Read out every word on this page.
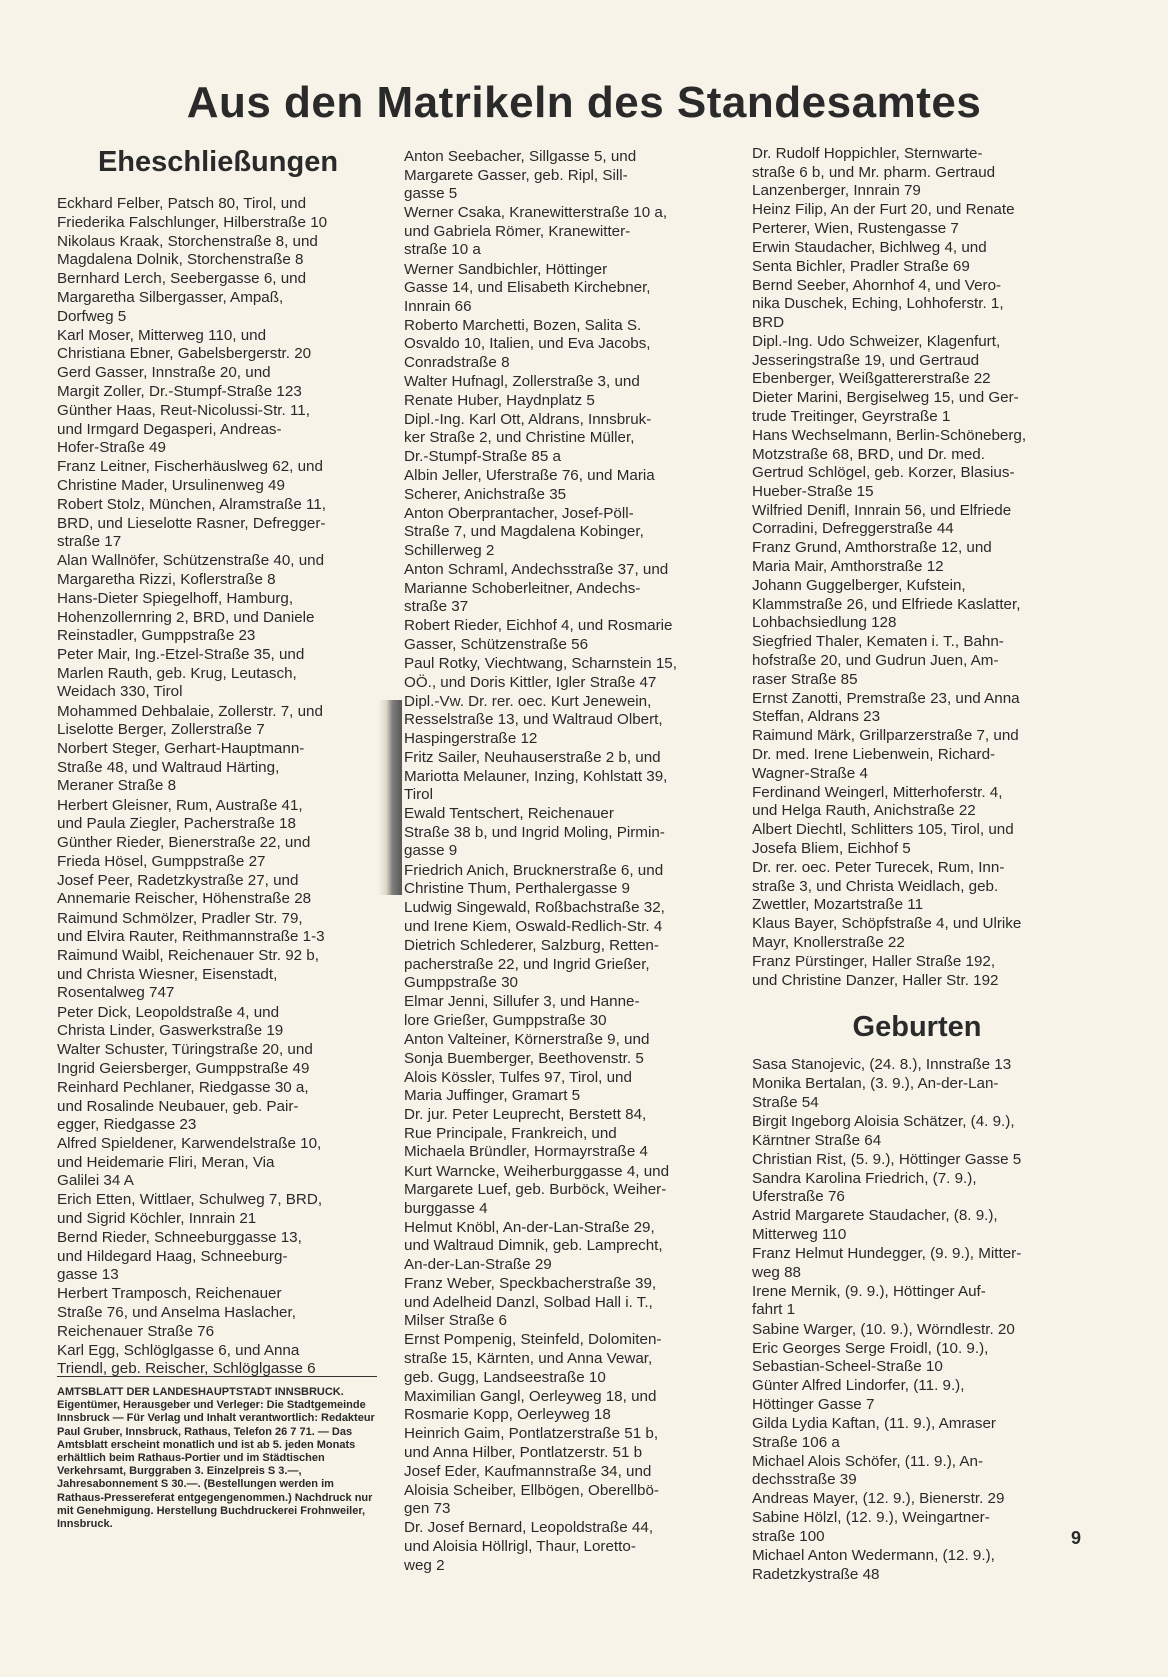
Aus den Matrikeln des Standesamtes
Eheschließungen
Eckhard Felber, Patsch 80, Tirol, und
Friederika Falschlunger, Hilberstraße 10
Nikolaus Kraak, Storchenstraße 8, und
Magdalena Dolnik, Storchenstraße 8
Bernhard Lerch, Seebergasse 6, und
Margaretha Silbergasser, Ampaß,
Dorfweg 5
Karl Moser, Mitterweg 110, und
Christiana Ebner, Gabelsbergerstr. 20
Gerd Gasser, Innstraße 20, und
Margit Zoller, Dr.-Stumpf-Straße 123
Günther Haas, Reut-Nicolussi-Str. 11,
und Irmgard Degasperi, Andreas-
Hofer-Straße 49
Franz Leitner, Fischerhäuslweg 62, und
Christine Mader, Ursulinenweg 49
Robert Stolz, München, Alramstraße 11,
BRD, und Lieselotte Rasner, Defregger-
straße 17
Alan Wallnöfer, Schützenstraße 40, und
Margaretha Rizzi, Koflerstraße 8
Hans-Dieter Spiegelhoff, Hamburg,
Hohenzollernring 2, BRD, und Daniele
Reinstadler, Gumppstraße 23
Peter Mair, Ing.-Etzel-Straße 35, und
Marlen Rauth, geb. Krug, Leutasch,
Weidach 330, Tirol
Mohammed Dehbalaie, Zollerstr. 7, und
Liselotte Berger, Zollerstraße 7
Norbert Steger, Gerhart-Hauptmann-
Straße 48, und Waltraud Härting,
Meraner Straße 8
Herbert Gleisner, Rum, Austraße 41,
und Paula Ziegler, Pacherstraße 18
Günther Rieder, Bienerstraße 22, und
Frieda Hösel, Gumppstraße 27
Josef Peer, Radetzkystraße 27, und
Annemarie Reischer, Höhenstraße 28
Raimund Schmölzer, Pradler Str. 79,
und Elvira Rauter, Reithmannstraße 1-3
Raimund Waibl, Reichenauer Str. 92 b,
und Christa Wiesner, Eisenstadt,
Rosentalweg 747
Peter Dick, Leopoldstraße 4, und
Christa Linder, Gaswerkstraße 19
Walter Schuster, Türingstraße 20, und
Ingrid Geiersberger, Gumppstraße 49
Reinhard Pechlaner, Riedgasse 30 a,
und Rosalinde Neubauer, geb. Pair-
egger, Riedgasse 23
Alfred Spieldener, Karwendelstraße 10,
und Heidemarie Fliri, Meran, Via
Galilei 34 A
Erich Etten, Wittlaer, Schulweg 7, BRD,
und Sigrid Köchler, Innrain 21
Bernd Rieder, Schneeburggasse 13,
und Hildegard Haag, Schneeburg-
gasse 13
Herbert Tramposch, Reichenauer
Straße 76, und Anselma Haslacher,
Reichenauer Straße 76
Karl Egg, Schlöglgasse 6, und Anna
Triendl, geb. Reischer, Schlöglgasse 6
Anton Seebacher, Sillgasse 5, und
Margarete Gasser, geb. Ripl, Sill-
gasse 5
Werner Csaka, Kranewitterstraße 10 a,
und Gabriela Römer, Kranewitter-
straße 10 a
Werner Sandbichler, Höttinger
Gasse 14, und Elisabeth Kirchebner,
Innrain 66
Roberto Marchetti, Bozen, Salita S.
Osvaldo 10, Italien, und Eva Jacobs,
Conradstraße 8
Walter Hufnagl, Zollerstraße 3, und
Renate Huber, Haydnplatz 5
Dipl.-Ing. Karl Ott, Aldrans, Innsbruk-
ker Straße 2, und Christine Müller,
Dr.-Stumpf-Straße 85 a
Albin Jeller, Uferstraße 76, und Maria
Scherer, Anichstraße 35
Anton Oberprantacher, Josef-Pöll-
Straße 7, und Magdalena Kobinger,
Schillerweg 2
Anton Schraml, Andechsstraße 37, und
Marianne Schoberleitner, Andechs-
straße 37
Robert Rieder, Eichhof 4, und Rosmarie
Gasser, Schützenstraße 56
Paul Rotky, Viechtwang, Scharnstein 15,
OÖ., und Doris Kittler, Igler Straße 47
Dipl.-Vw. Dr. rer. oec. Kurt Jenewein,
Resselstraße 13, und Waltraud Olbert,
Haspingerstraße 12
Fritz Sailer, Neuhauserstraße 2 b, und
Mariotta Melauner, Inzing, Kohlstatt 39,
Tirol
Ewald Tentschert, Reichenauer
Straße 38 b, und Ingrid Moling, Pirmin-
gasse 9
Friedrich Anich, Brucknerstraße 6, und
Christine Thum, Perthalergasse 9
Ludwig Singewald, Roßbachstraße 32,
und Irene Kiem, Oswald-Redlich-Str. 4
Dietrich Schlederer, Salzburg, Retten-
pacherstraße 22, und Ingrid Grießer,
Gumppstraße 30
Elmar Jenni, Sillufer 3, und Hanne-
lore Grießer, Gumppstraße 30
Anton Valteiner, Körnerstraße 9, und
Sonja Buemberger, Beethovenstr. 5
Alois Kössler, Tulfes 97, Tirol, und
Maria Juffinger, Gramart 5
Dr. jur. Peter Leuprecht, Berstett 84,
Rue Principale, Frankreich, und
Michaela Bründler, Hormayrstraße 4
Kurt Warncke, Weiherburggasse 4, und
Margarete Luef, geb. Burböck, Weiher-
burggasse 4
Helmut Knöbl, An-der-Lan-Straße 29,
und Waltraud Dimnik, geb. Lamprecht,
An-der-Lan-Straße 29
Franz Weber, Speckbacherstraße 39,
und Adelheid Danzl, Solbad Hall i. T.,
Milser Straße 6
Ernst Pompenig, Steinfeld, Dolomiten-
straße 15, Kärnten, und Anna Vewar,
geb. Gugg, Landseestraße 10
Maximilian Gangl, Oerleyweg 18, und
Rosmarie Kopp, Oerleyweg 18
Heinrich Gaim, Pontlatzerstraße 51 b,
und Anna Hilber, Pontlatzerstr. 51 b
Josef Eder, Kaufmannstraße 34, und
Aloisia Scheiber, Ellbögen, Oberellbö-
gen 73
Dr. Josef Bernard, Leopoldstraße 44,
und Aloisia Höllrigl, Thaur, Loretto-
weg 2
Dr. Rudolf Hoppichler, Sternwarte-
straße 6 b, und Mr. pharm. Gertraud
Lanzenberger, Innrain 79
Heinz Filip, An der Furt 20, und Renate
Perterer, Wien, Rustengasse 7
Erwin Staudacher, Bichlweg 4, und
Senta Bichler, Pradler Straße 69
Bernd Seeber, Ahornhof 4, und Vero-
nika Duschek, Eching, Lohhoferstr. 1,
BRD
Dipl.-Ing. Udo Schweizer, Klagenfurt,
Jesseringstraße 19, und Gertraud
Ebenberger, Weißgattererstraße 22
Dieter Marini, Bergiselweg 15, und Ger-
trude Treitinger, Geyrstraße 1
Hans Wechselmann, Berlin-Schöneberg,
Motzstraße 68, BRD, und Dr. med.
Gertrud Schlögel, geb. Korzer, Blasius-
Hueber-Straße 15
Wilfried Denifl, Innrain 56, und Elfriede
Corradini, Defreggerstraße 44
Franz Grund, Amthorstraße 12, und
Maria Mair, Amthorstraße 12
Johann Guggelberger, Kufstein,
Klammstraße 26, und Elfriede Kaslatter,
Lohbachsiedlung 128
Siegfried Thaler, Kematen i. T., Bahn-
hofstraße 20, und Gudrun Juen, Am-
raser Straße 85
Ernst Zanotti, Premstraße 23, und Anna
Steffan, Aldrans 23
Raimund Märk, Grillparzerstraße 7, und
Dr. med. Irene Liebenwein, Richard-
Wagner-Straße 4
Ferdinand Weingerl, Mitterhoferstr. 4,
und Helga Rauth, Anichstraße 22
Albert Diechtl, Schlitters 105, Tirol, und
Josefa Bliem, Eichhof 5
Dr. rer. oec. Peter Turecek, Rum, Inn-
straße 3, und Christa Weidlach, geb.
Zwettler, Mozartstraße 11
Klaus Bayer, Schöpfstraße 4, und Ulrike
Mayr, Knollerstraße 22
Franz Pürstinger, Haller Straße 192,
und Christine Danzer, Haller Str. 192
Geburten
Sasa Stanojevic, (24. 8.), Innstraße 13
Monika Bertalan, (3. 9.), An-der-Lan-
Straße 54
Birgit Ingeborg Aloisia Schätzer, (4. 9.),
Kärntner Straße 64
Christian Rist, (5. 9.), Höttinger Gasse 5
Sandra Karolina Friedrich, (7. 9.),
Uferstraße 76
Astrid Margarete Staudacher, (8. 9.),
Mitterweg 110
Franz Helmut Hundegger, (9. 9.), Mitter-
weg 88
Irene Mernik, (9. 9.), Höttinger Auf-
fahrt 1
Sabine Warger, (10. 9.), Wörndlestr. 20
Eric Georges Serge Froidl, (10. 9.),
Sebastian-Scheel-Straße 10
Günter Alfred Lindorfer, (11. 9.),
Höttinger Gasse 7
Gilda Lydia Kaftan, (11. 9.), Amraser
Straße 106 a
Michael Alois Schöfer, (11. 9.), An-
dechsstraße 39
Andreas Mayer, (12. 9.), Bienerstr. 29
Sabine Hölzl, (12. 9.), Weingartner-
straße 100
Michael Anton Wedermann, (12. 9.),
Radetzkystraße 48
AMTSBLATT DER LANDESHAUPTSTADT INNSBRUCK. Eigentümer, Herausgeber und Verleger: Die Stadtgemeinde Innsbruck — Für Verlag und Inhalt verantwortlich: Redakteur Paul Gruber, Innsbruck, Rathaus, Telefon 26 7 71. — Das Amtsblatt erscheint monatlich und ist ab 5. jeden Monats erhältlich beim Rathaus-Portier und im Städtischen Verkehrsamt, Burggraben 3. Einzelpreis S 3.—, Jahresabonnement S 30.—. (Bestellungen werden im Rathaus-Pressereferat entgegengenommen.) Nachdruck nur mit Genehmigung. Herstellung Buchdruckerei Frohnweiler, Innsbruck.
9
